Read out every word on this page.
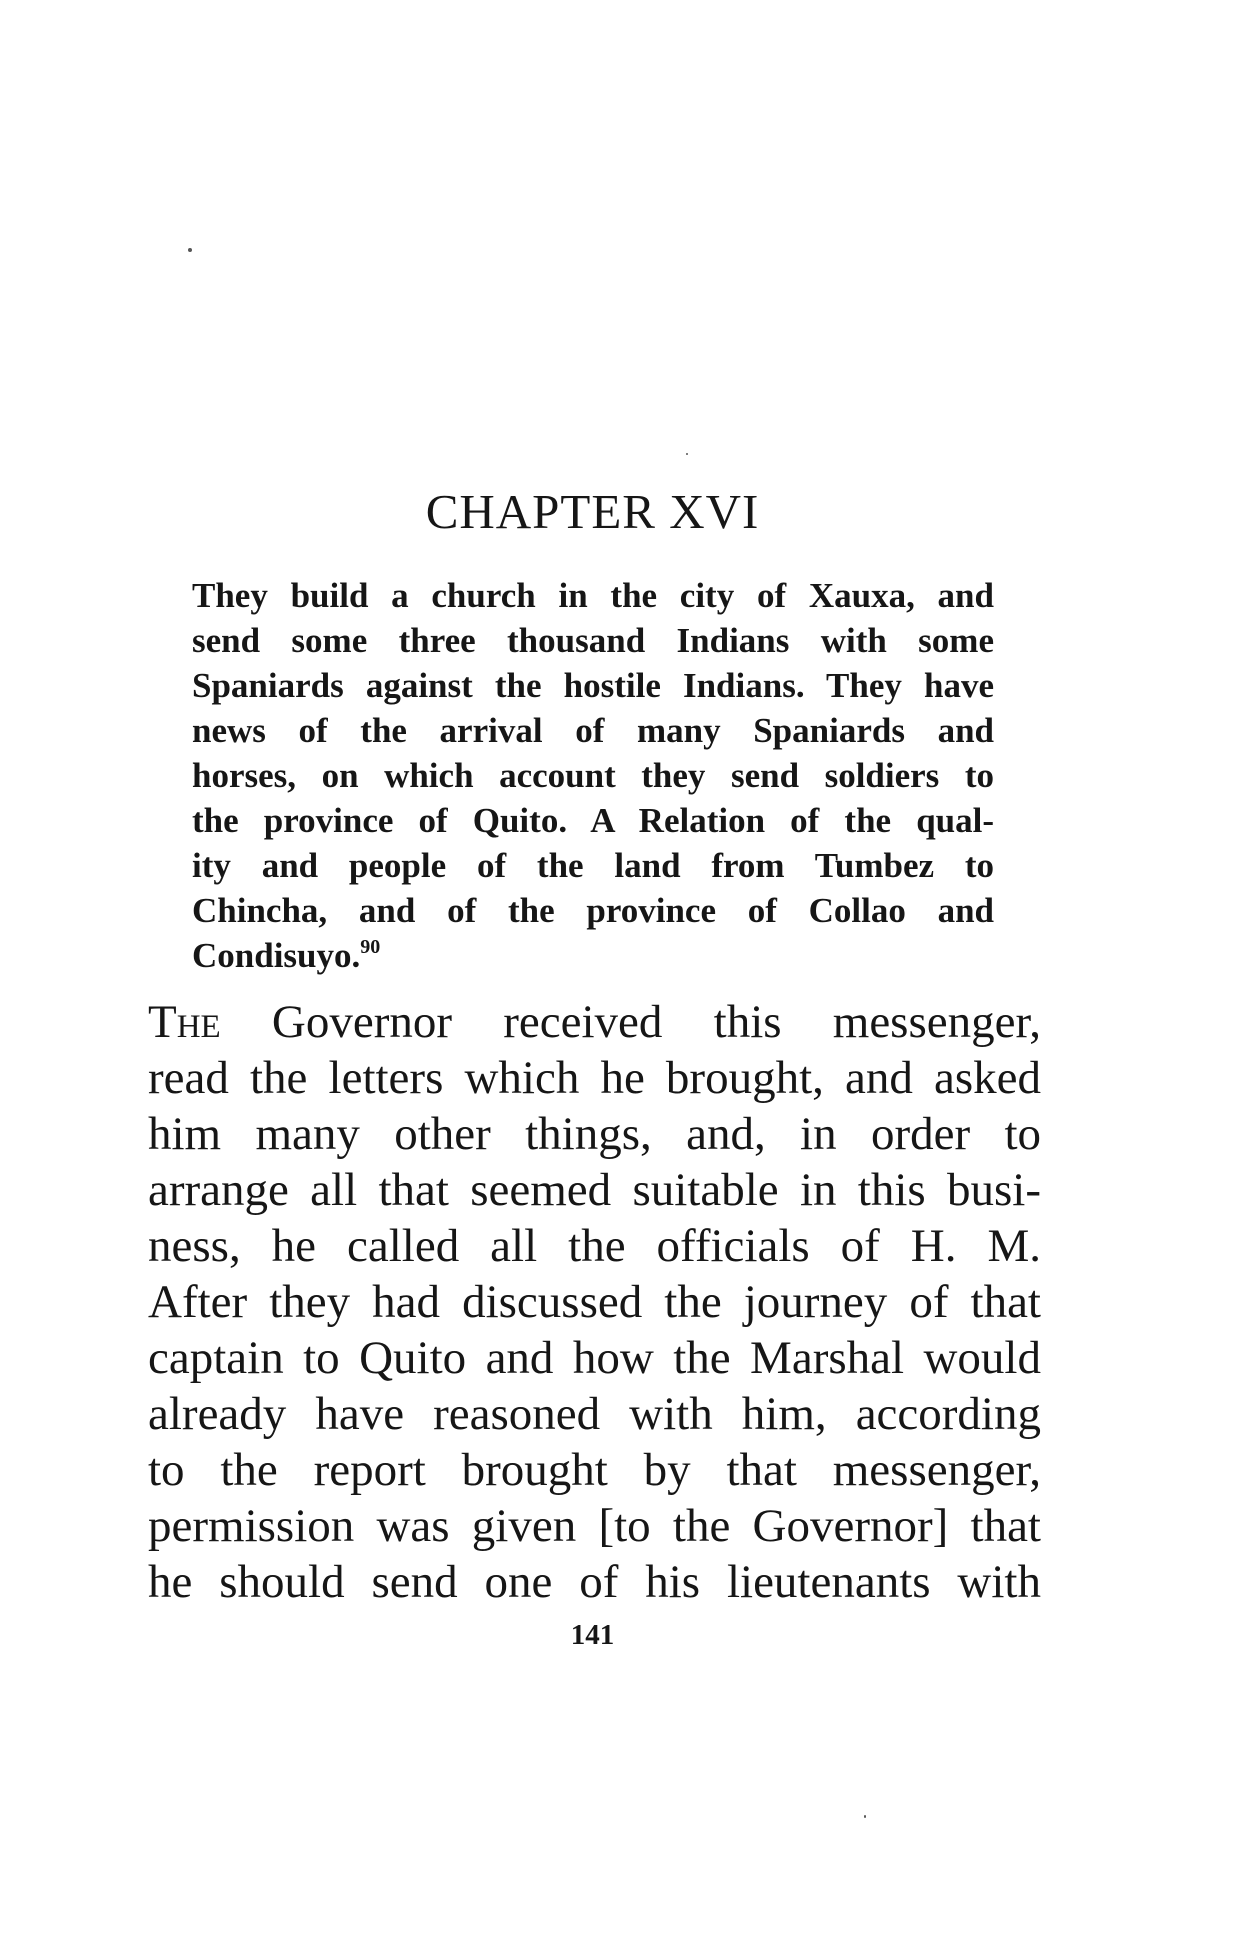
CHAPTER XVI
They build a church in the city of Xauxa, and
send some three thousand Indians with some
Spaniards against the hostile Indians. They have
news of the arrival of many Spaniards and
horses, on which account they send soldiers to
the province of Quito. A Relation of the qual-
ity and people of the land from Tumbez to
Chincha, and of the province of Collao and
Condisuyo.$^{90}$
The Governor received this messenger,
read the letters which he brought, and asked
him many other things, and, in order to
arrange all that seemed suitable in this busi-
ness, he called all the officials of H. M.
After they had discussed the journey of that
captain to Quito and how the Marshal would
already have reasoned with him, according
to the report brought by that messenger,
permission was given [to the Governor] that
he should send one of his lieutenants with
141
